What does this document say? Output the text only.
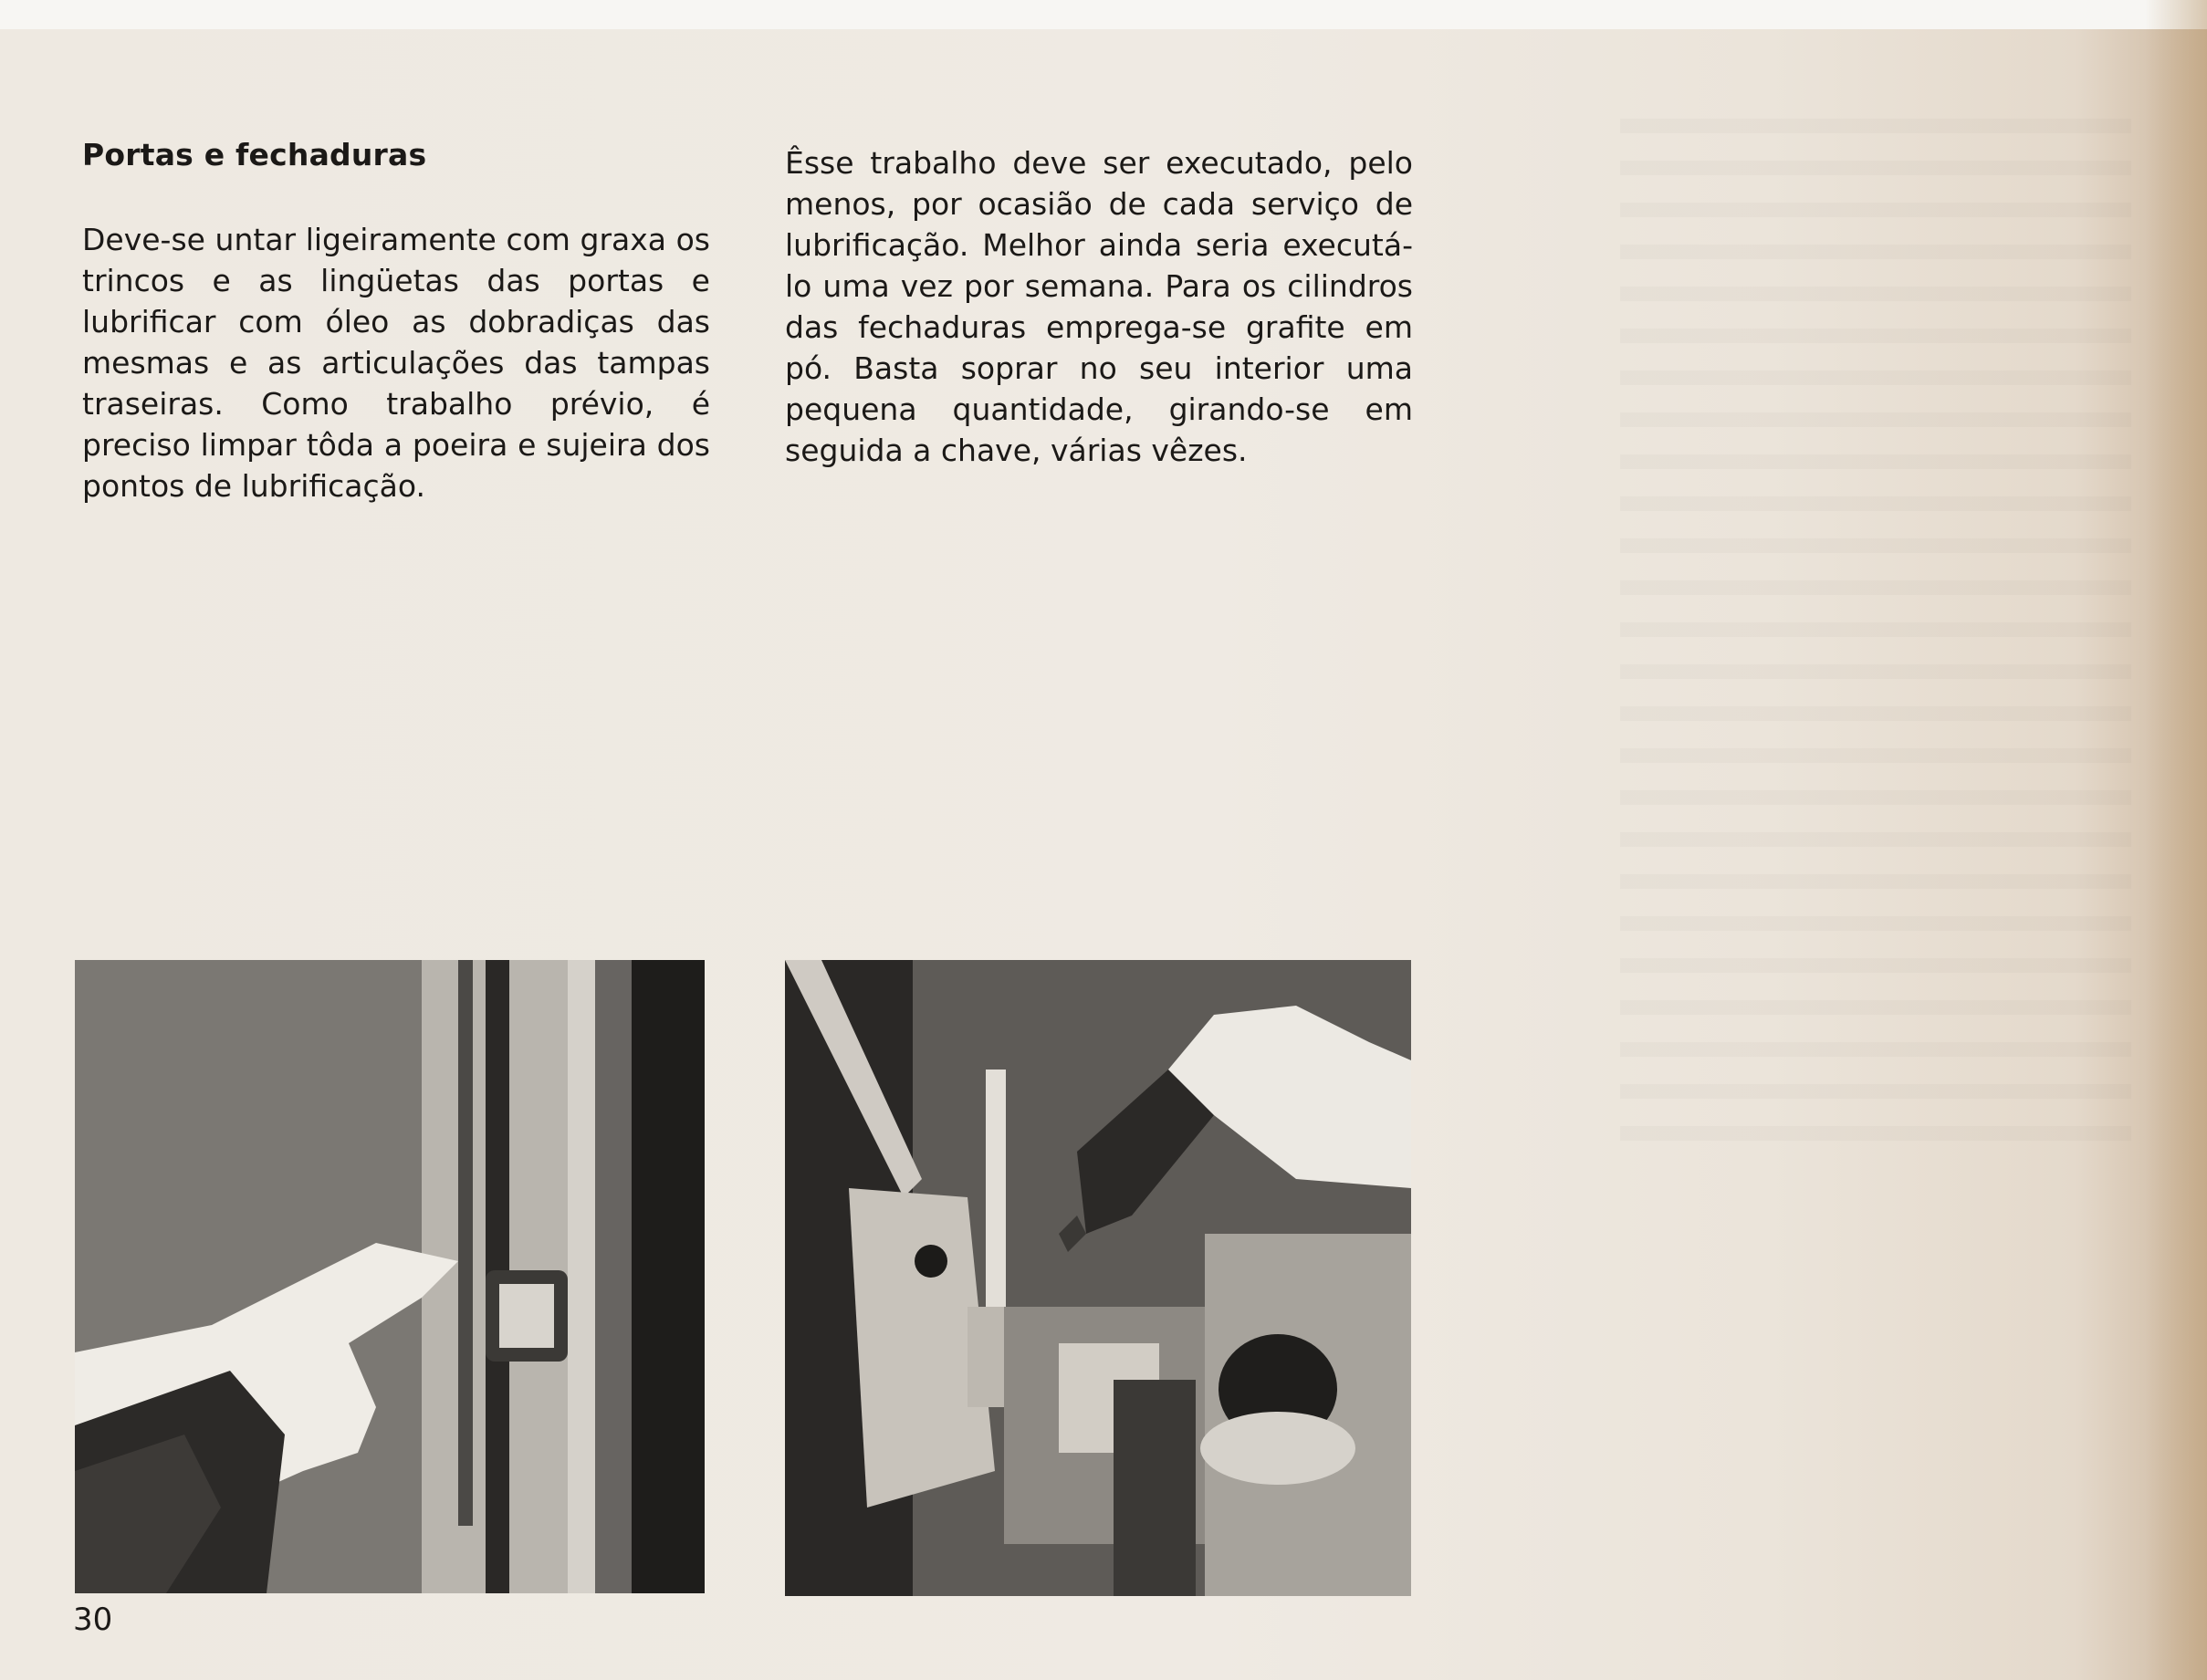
Portas e fechaduras

Deve-se untar ligeiramente com graxa os trincos e as lingüetas das portas e lubrificar com óleo as dobradiças das mesmas e as articulações das tampas traseiras. Como trabalho prévio, é preciso limpar tôda a poeira e sujeira dos pontos de lubrificação.

Êsse trabalho deve ser executado, pelo menos, por ocasião de cada serviço de lubrificação. Melhor ainda seria executá-lo uma vez por semana. Para os cilindros das fechaduras emprega-se grafite em pó. Basta soprar no seu interior uma pequena quantidade, girando-se em seguida a chave, várias vêzes.

30
